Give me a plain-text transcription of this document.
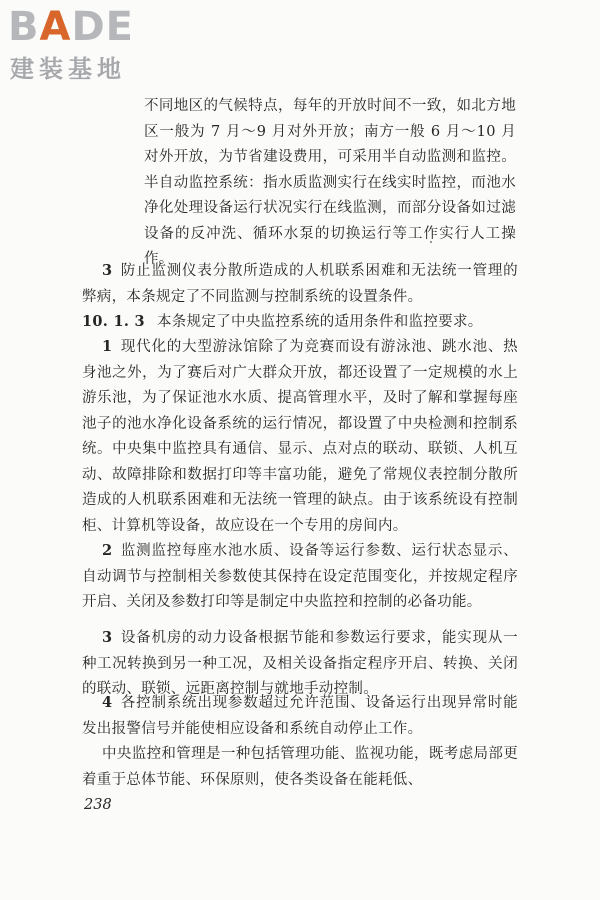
BADE
建装基地

不同地区的气候特点，每年的开放时间不一致，如北方地区一般为 7 月～9 月对外开放；南方一般 6 月～10 月对外开放，为节省建设费用，可采用半自动监测和监控。半自动监控系统：指水质监测实行在线实时监控，而池水净化处理设备运行状况实行在线监测，而部分设备如过滤设备的反冲洗、循环水泵的切换运行等工作实行人工操作。

3 防止监测仪表分散所造成的人机联系困难和无法统一管理的弊病，本条规定了不同监测与控制系统的设置条件。

10. 1. 3 本条规定了中央监控系统的适用条件和监控要求。

1 现代化的大型游泳馆除了为竞赛而设有游泳池、跳水池、热身池之外，为了赛后对广大群众开放，都还设置了一定规模的水上游乐池，为了保证池水水质、提高管理水平，及时了解和掌握每座池子的池水净化设备系统的运行情况，都设置了中央检测和控制系统。中央集中监控具有通信、显示、点对点的联动、联锁、人机互动、故障排除和数据打印等丰富功能，避免了常规仪表控制分散所造成的人机联系困难和无法统一管理的缺点。由于该系统设有控制柜、计算机等设备，故应设在一个专用的房间内。

2 监测监控每座水池水质、设备等运行参数、运行状态显示、自动调节与控制相关参数使其保持在设定范围变化，并按规定程序开启、关闭及参数打印等是制定中央监控和控制的必备功能。

3 设备机房的动力设备根据节能和参数运行要求，能实现从一种工况转换到另一种工况，及相关设备指定程序开启、转换、关闭的联动、联锁、远距离控制与就地手动控制。

4 各控制系统出现参数超过允许范围、设备运行出现异常时能发出报警信号并能使相应设备和系统自动停止工作。

中央监控和管理是一种包括管理功能、监视功能，既考虑局部更着重于总体节能、环保原则，使各类设备在能耗低、

238
